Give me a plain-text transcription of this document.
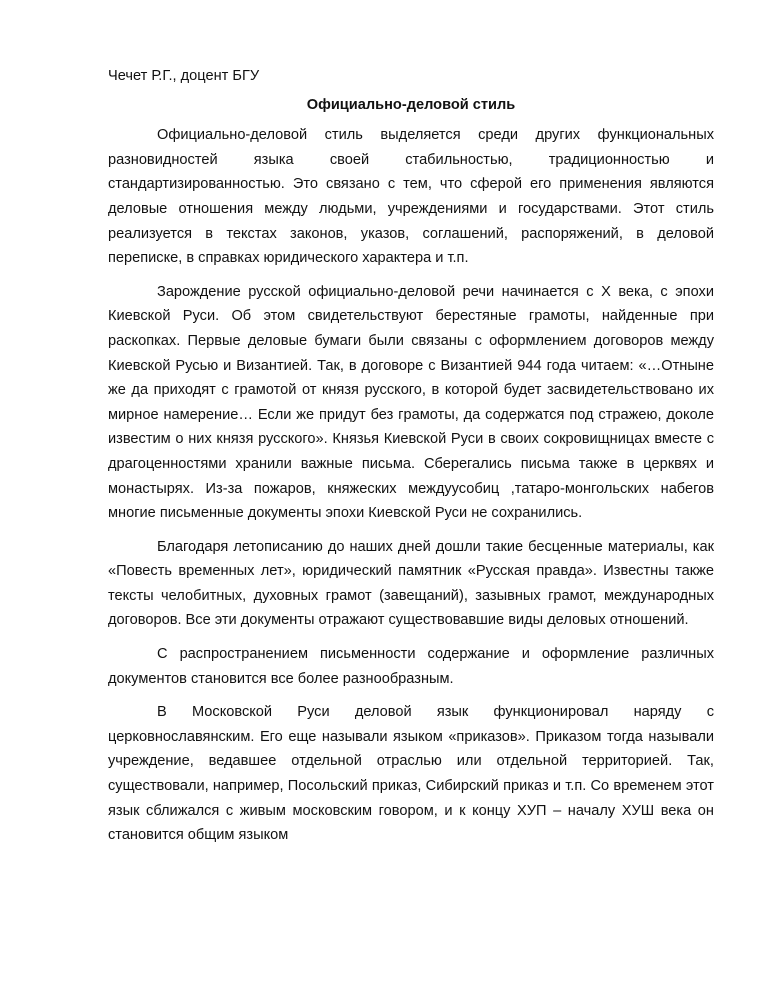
Чечет Р.Г., доцент БГУ

Официально-деловой стиль

Официально-деловой стиль выделяется среди других функциональных разновидностей языка своей стабильностью, традиционностью и стандартизированностью. Это связано с тем, что сферой его применения являются деловые отношения между людьми, учреждениями и государствами. Этот стиль реализуется в текстах законов, указов, соглашений, распоряжений, в деловой переписке, в справках юридического характера и т.п.

Зарождение русской официально-деловой речи начинается с X века, с эпохи Киевской Руси. Об этом свидетельствуют берестяные грамоты, найденные при раскопках. Первые деловые бумаги были связаны с оформлением договоров между Киевской Русью и Византией. Так, в договоре с Византией 944 года читаем: «…Отныне же да приходят с грамотой от князя русского, в которой будет засвидетельствовано их мирное намерение… Если же придут без грамоты, да содержатся под стражею, доколе известим о них князя русского». Князья Киевской Руси в своих сокровищницах вместе с драгоценностями хранили важные письма. Сберегались письма также в церквях и монастырях. Из-за пожаров, княжеских междуусобиц ,татаро-монгольских набегов многие письменные документы эпохи Киевской Руси не сохранились.

Благодаря летописанию до наших дней дошли такие бесценные материалы, как «Повесть временных лет», юридический памятник «Русская правда». Известны также тексты челобитных, духовных грамот (завещаний), зазывных грамот, международных договоров. Все эти документы отражают существовавшие виды деловых отношений.

С распространением письменности содержание и оформление различных документов становится все более разнообразным.

В Московской Руси деловой язык функционировал наряду с церковнославянским. Его еще называли языком «приказов». Приказом тогда называли учреждение, ведавшее отдельной отраслью или отдельной территорией. Так, существовали, например, Посольский приказ, Сибирский приказ и т.п. Со временем этот язык сближался с живым московским говором, и к концу ХУП – началу ХУШ века он становится общим языком
